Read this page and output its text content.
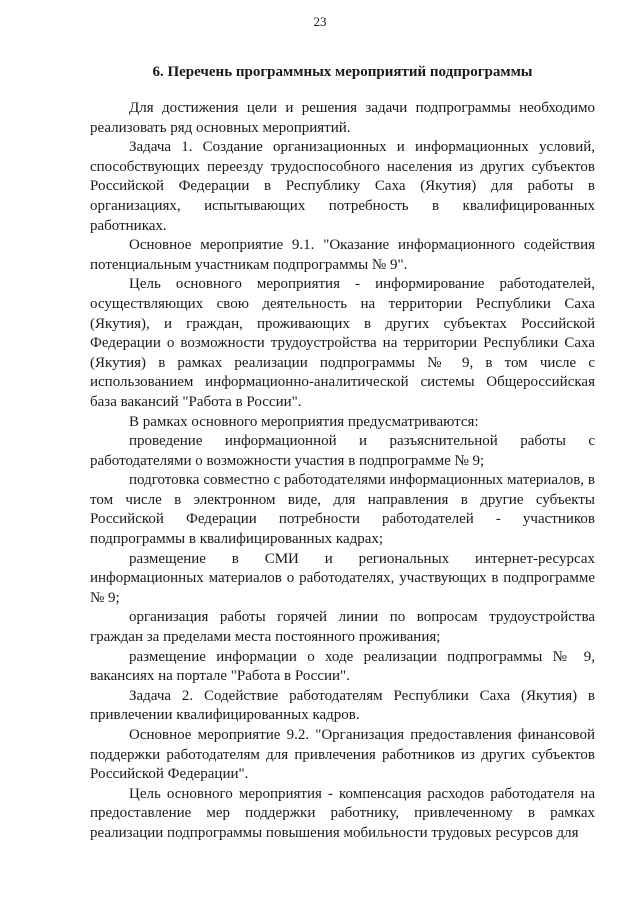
23
6. Перечень программных мероприятий подпрограммы

Для достижения цели и решения задачи подпрограммы необходимо реализовать ряд основных мероприятий.

Задача 1. Создание организационных и информационных условий, способствующих переезду трудоспособного населения из других субъектов Российской Федерации в Республику Саха (Якутия) для работы в организациях, испытывающих потребность в квалифицированных работниках.

Основное мероприятие 9.1. "Оказание информационного содействия потенциальным участникам подпрограммы № 9".

Цель основного мероприятия - информирование работодателей, осуществляющих свою деятельность на территории Республики Саха (Якутия), и граждан, проживающих в других субъектах Российской Федерации о возможности трудоустройства на территории Республики Саха (Якутия) в рамках реализации подпрограммы № 9, в том числе с использованием информационно-аналитической системы Общероссийская база вакансий "Работа в России".

В рамках основного мероприятия предусматриваются:

проведение информационной и разъяснительной работы с работодателями о возможности участия в подпрограмме № 9;

подготовка совместно с работодателями информационных материалов, в том числе в электронном виде, для направления в другие субъекты Российской Федерации потребности работодателей - участников подпрограммы в квалифицированных кадрах;

размещение в СМИ и региональных интернет-ресурсах информационных материалов о работодателях, участвующих в подпрограмме № 9;

организация работы горячей линии по вопросам трудоустройства граждан за пределами места постоянного проживания;

размещение информации о ходе реализации подпрограммы № 9, вакансиях на портале "Работа в России".

Задача 2. Содействие работодателям Республики Саха (Якутия) в привлечении квалифицированных кадров.

Основное мероприятие 9.2. "Организация предоставления финансовой поддержки работодателям для привлечения работников из других субъектов Российской Федерации".

Цель основного мероприятия - компенсация расходов работодателя на предоставление мер поддержки работнику, привлеченному в рамках реализации подпрограммы повышения мобильности трудовых ресурсов для
